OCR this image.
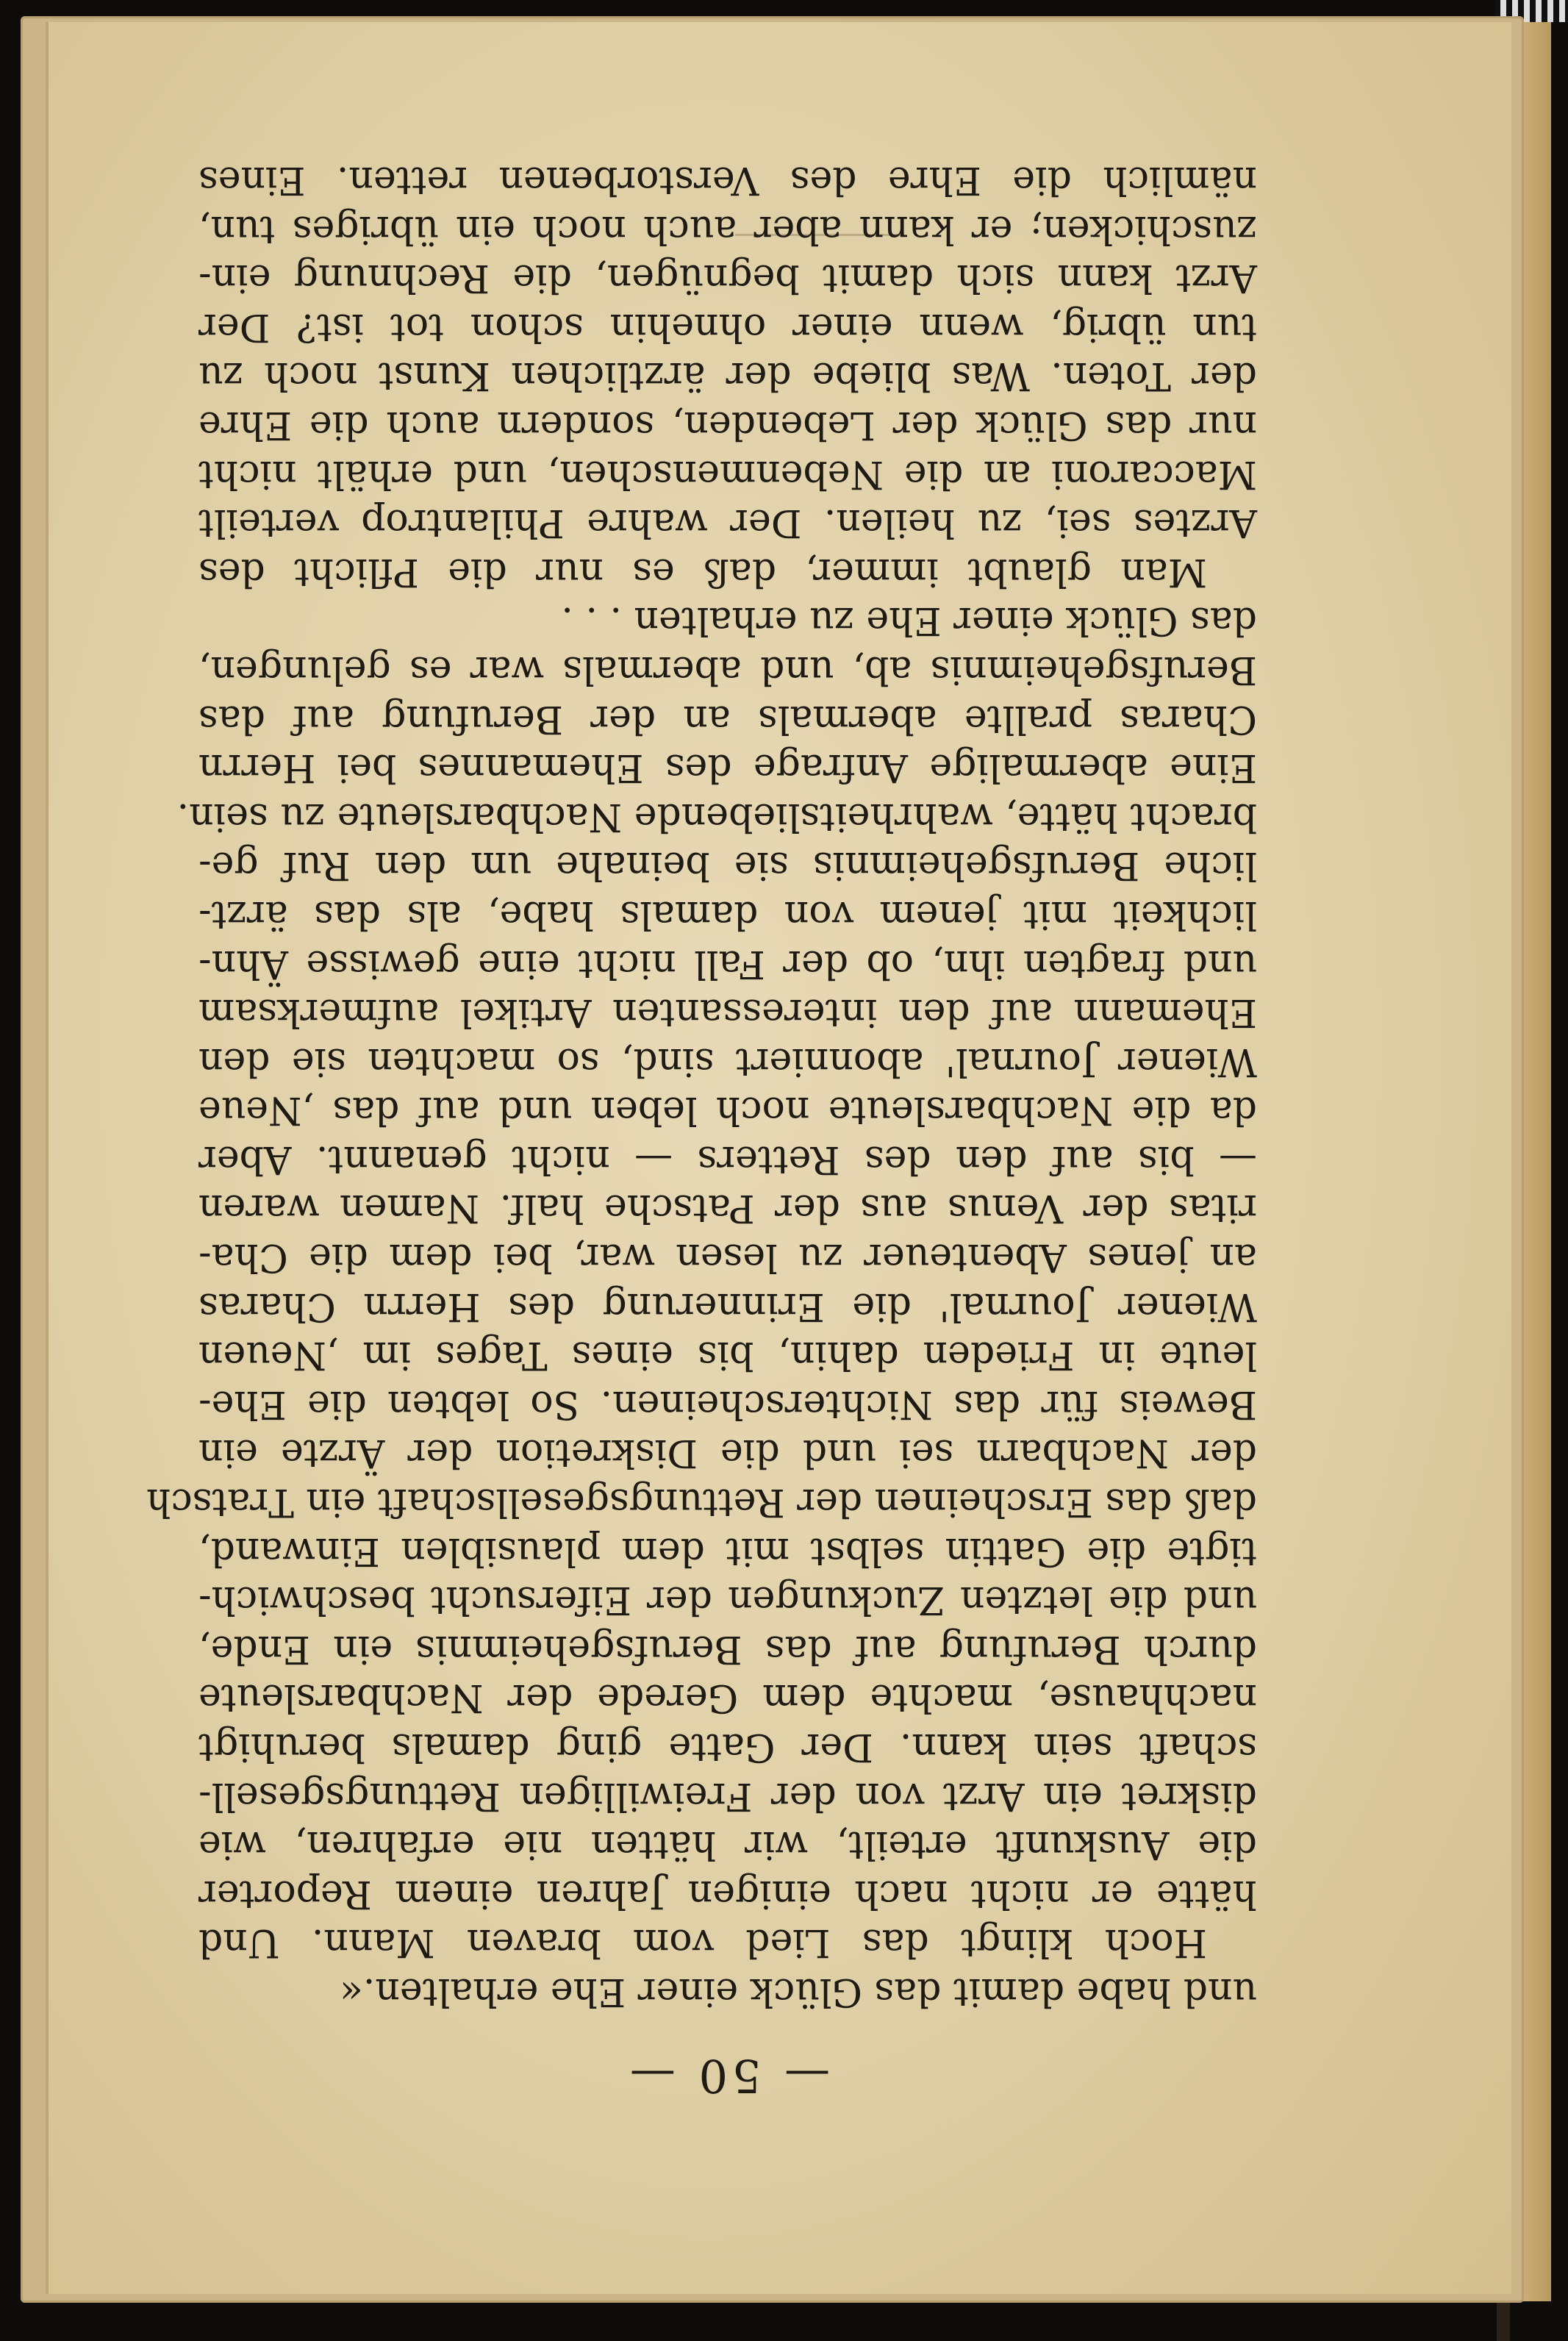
— 50 —
und habe damit das Glück einer Ehe erhalten.«
Hoch klingt das Lied vom braven Mann. Und
hätte er nicht nach einigen Jahren einem Reporter
die Auskunft erteilt, wir hätten nie erfahren, wie
diskret ein Arzt von der Freiwilligen Rettungsgesell-
schaft sein kann. Der Gatte ging damals beruhigt
nachhause, machte dem Gerede der Nachbarsleute
durch Berufung auf das Berufsgeheimnis ein Ende,
und die letzten Zuckungen der Eifersucht beschwich-
tigte die Gattin selbst mit dem plausiblen Einwand,
daß das Erscheinen der Rettungsgesellschaft ein Tratsch
der Nachbarn sei und die Diskretion der Ärzte ein
Beweis für das Nichterscheinen. So lebten die Ehe-
leute in Frieden dahin, bis eines Tages im ,Neuen
Wiener Journal' die Erinnerung des Herrn Charas
an jenes Abenteuer zu lesen war, bei dem die Cha-
ritas der Venus aus der Patsche half. Namen waren
— bis auf den des Retters — nicht genannt. Aber
da die Nachbarsleute noch leben und auf das ,Neue
Wiener Journal' abonniert sind, so machten sie den
Ehemann auf den interessanten Artikel aufmerksam
und fragten ihn, ob der Fall nicht eine gewisse Ähn-
lichkeit mit jenem von damals habe, als das ärzt-
liche Berufsgeheimnis sie beinahe um den Ruf ge-
bracht hätte, wahrheitsliebende Nachbarsleute zu sein.
Eine abermalige Anfrage des Ehemannes bei Herrn
Charas prallte abermals an der Berufung auf das
Berufsgeheimnis ab, und abermals war es gelungen,
das Glück einer Ehe zu erhalten . . .
Man glaubt immer, daß es nur die Pflicht des
Arztes sei, zu heilen. Der wahre Philantrop verteilt
Maccaroni an die Nebenmenschen, und erhält nicht
nur das Glück der Lebenden, sondern auch die Ehre
der Toten. Was bliebe der ärztlichen Kunst noch zu
tun übrig, wenn einer ohnehin schon tot ist? Der
Arzt kann sich damit begnügen, die Rechnung ein-
zuschicken; er kann aber auch noch ein übriges tun,
nämlich die Ehre des Verstorbenen retten. Eines
